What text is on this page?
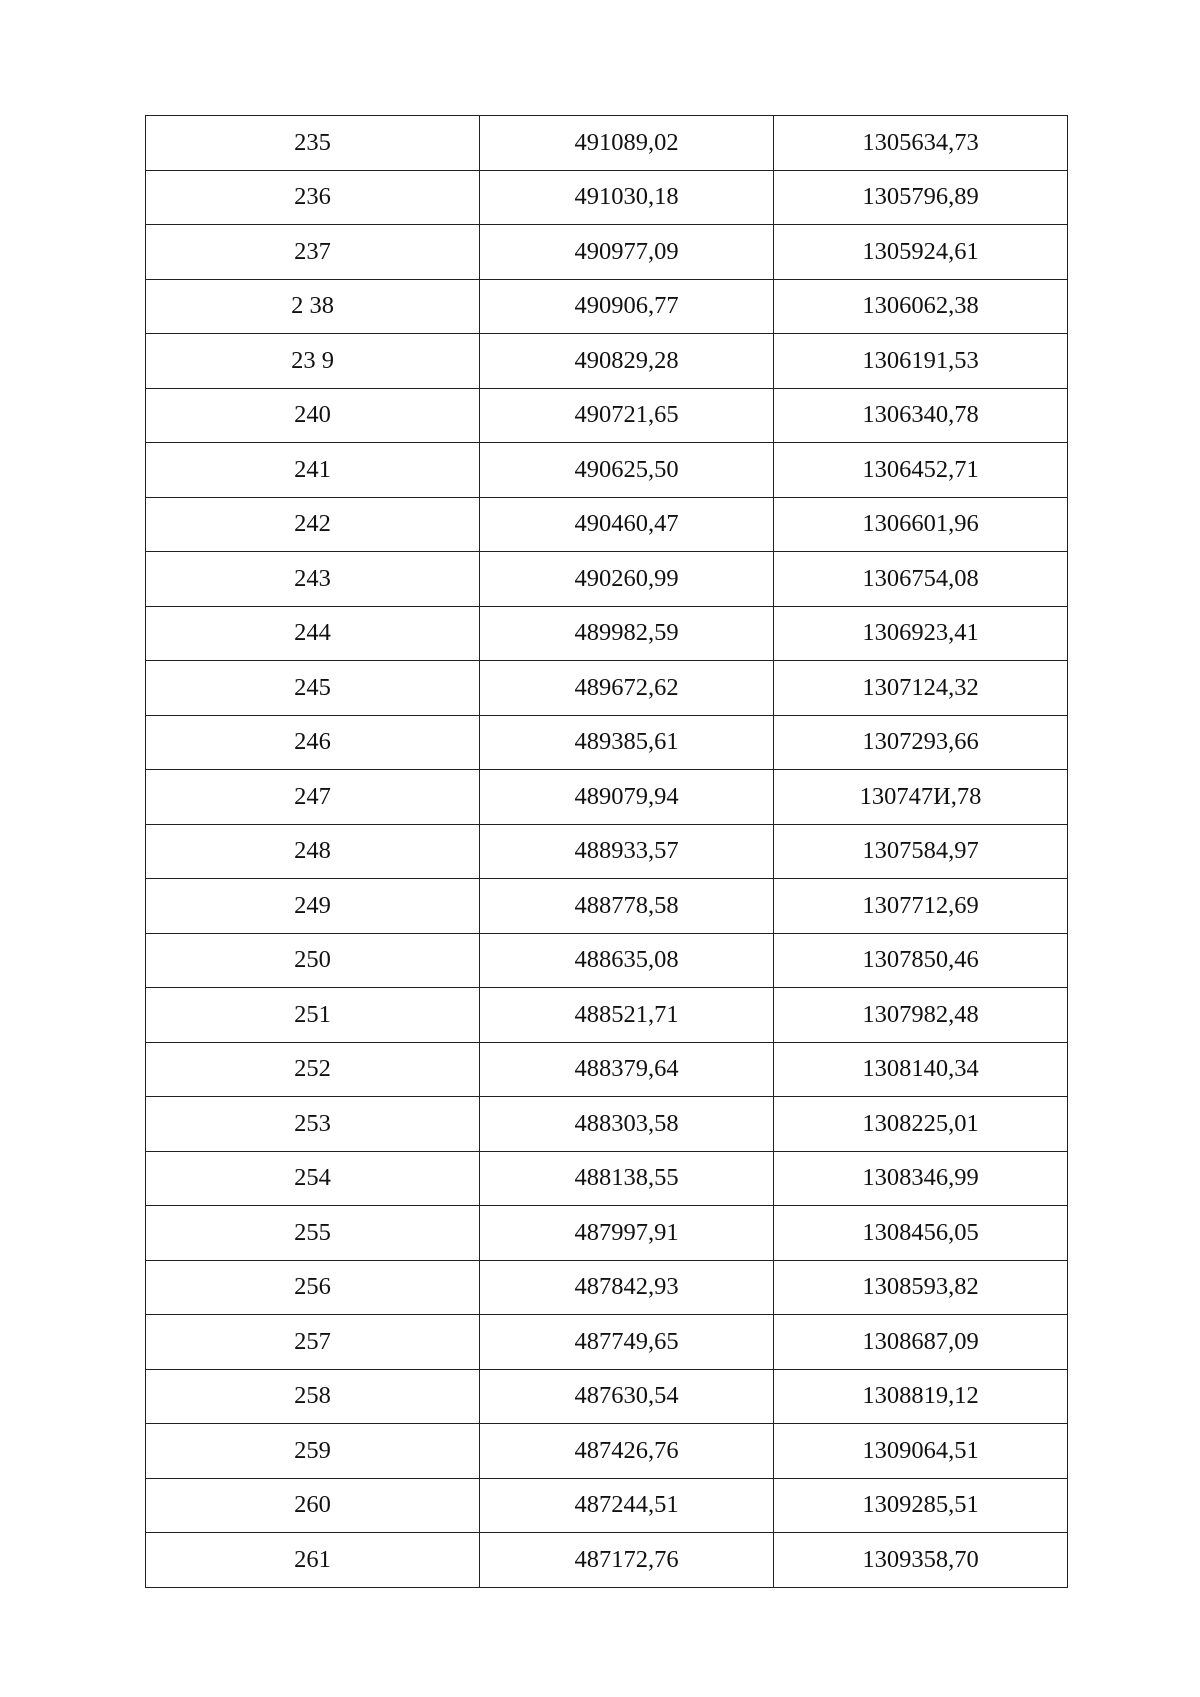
235	491089,02	1305634,73
236	491030,18	1305796,89
237	490977,09	1305924,61
2 38	490906,77	1306062,38
23 9	490829,28	1306191,53
240	490721,65	1306340,78
241	490625,50	1306452,71
242	490460,47	1306601,96
243	490260,99	1306754,08
244	489982,59	1306923,41
245	489672,62	1307124,32
246	489385,61	1307293,66
247	489079,94	130747И,78
248	488933,57	1307584,97
249	488778,58	1307712,69
250	488635,08	1307850,46
251	488521,71	1307982,48
252	488379,64	1308140,34
253	488303,58	1308225,01
254	488138,55	1308346,99
255	487997,91	1308456,05
256	487842,93	1308593,82
257	487749,65	1308687,09
258	487630,54	1308819,12
259	487426,76	1309064,51
260	487244,51	1309285,51
261	487172,76	1309358,70
